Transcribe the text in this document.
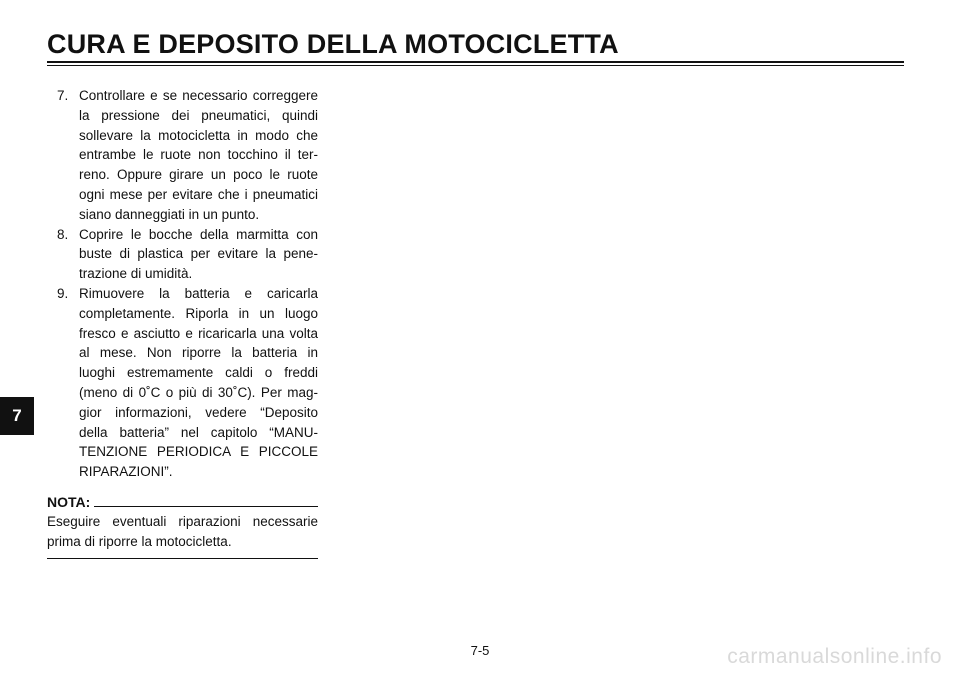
CURA E DEPOSITO DELLA MOTOCICLETTA
7
7. Controllare e se necessario correggere la pressione dei pneumatici, quindi sollevare la motocicletta in modo che entrambe le ruote non tocchino il terreno. Oppure girare un poco le ruote ogni mese per evitare che i pneumatici siano danneggiati in un punto.
8. Coprire le bocche della marmitta con buste di plastica per evitare la penetrazione di umidità.
9. Rimuovere la batteria e caricarla completamente. Riporla in un luogo fresco e asciutto e ricaricarla una volta al mese. Non riporre la batteria in luoghi estremamente caldi o freddi (meno di 0˚C o più di 30˚C). Per maggior informazioni, vedere “Deposito della batteria” nel capitolo “MANUTENZIONE PERIODICA E PICCOLE RIPARAZIONI”.
NOTA:
Eseguire eventuali riparazioni necessarie prima di riporre la motocicletta.
7-5	carmanualsonline.info
